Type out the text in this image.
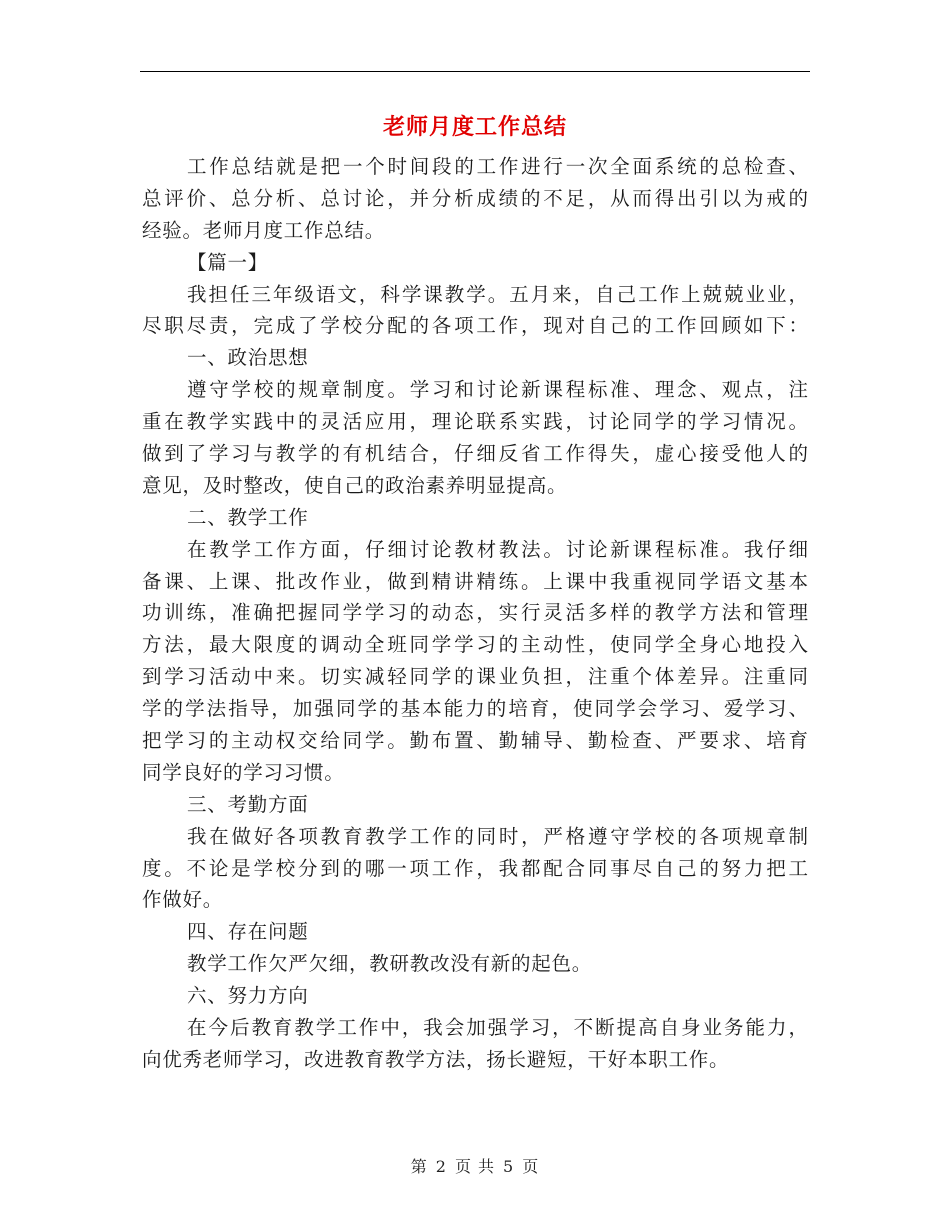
老师月度工作总结
工作总结就是把一个时间段的工作进行一次全面系统的总检查、
总评价、总分析、总讨论，并分析成绩的不足，从而得出引以为戒的
经验。老师月度工作总结。
【篇一】
我担任三年级语文，科学课教学。五月来，自己工作上兢兢业业，
尽职尽责，完成了学校分配的各项工作，现对自己的工作回顾如下：
一、政治思想
遵守学校的规章制度。学习和讨论新课程标准、理念、观点，注
重在教学实践中的灵活应用，理论联系实践，讨论同学的学习情况。
做到了学习与教学的有机结合，仔细反省工作得失，虚心接受他人的
意见，及时整改，使自己的政治素养明显提高。
二、教学工作
在教学工作方面，仔细讨论教材教法。讨论新课程标准。我仔细
备课、上课、批改作业，做到精讲精练。上课中我重视同学语文基本
功训练，准确把握同学学习的动态，实行灵活多样的教学方法和管理
方法，最大限度的调动全班同学学习的主动性，使同学全身心地投入
到学习活动中来。切实减轻同学的课业负担，注重个体差异。注重同
学的学法指导，加强同学的基本能力的培育，使同学会学习、爱学习、
把学习的主动权交给同学。勤布置、勤辅导、勤检查、严要求、培育
同学良好的学习习惯。
三、考勤方面
我在做好各项教育教学工作的同时，严格遵守学校的各项规章制
度。不论是学校分到的哪一项工作，我都配合同事尽自己的努力把工
作做好。
四、存在问题
教学工作欠严欠细，教研教改没有新的起色。
六、努力方向
在今后教育教学工作中，我会加强学习，不断提高自身业务能力，
向优秀老师学习，改进教育教学方法，扬长避短，干好本职工作。
第 2 页 共 5 页
